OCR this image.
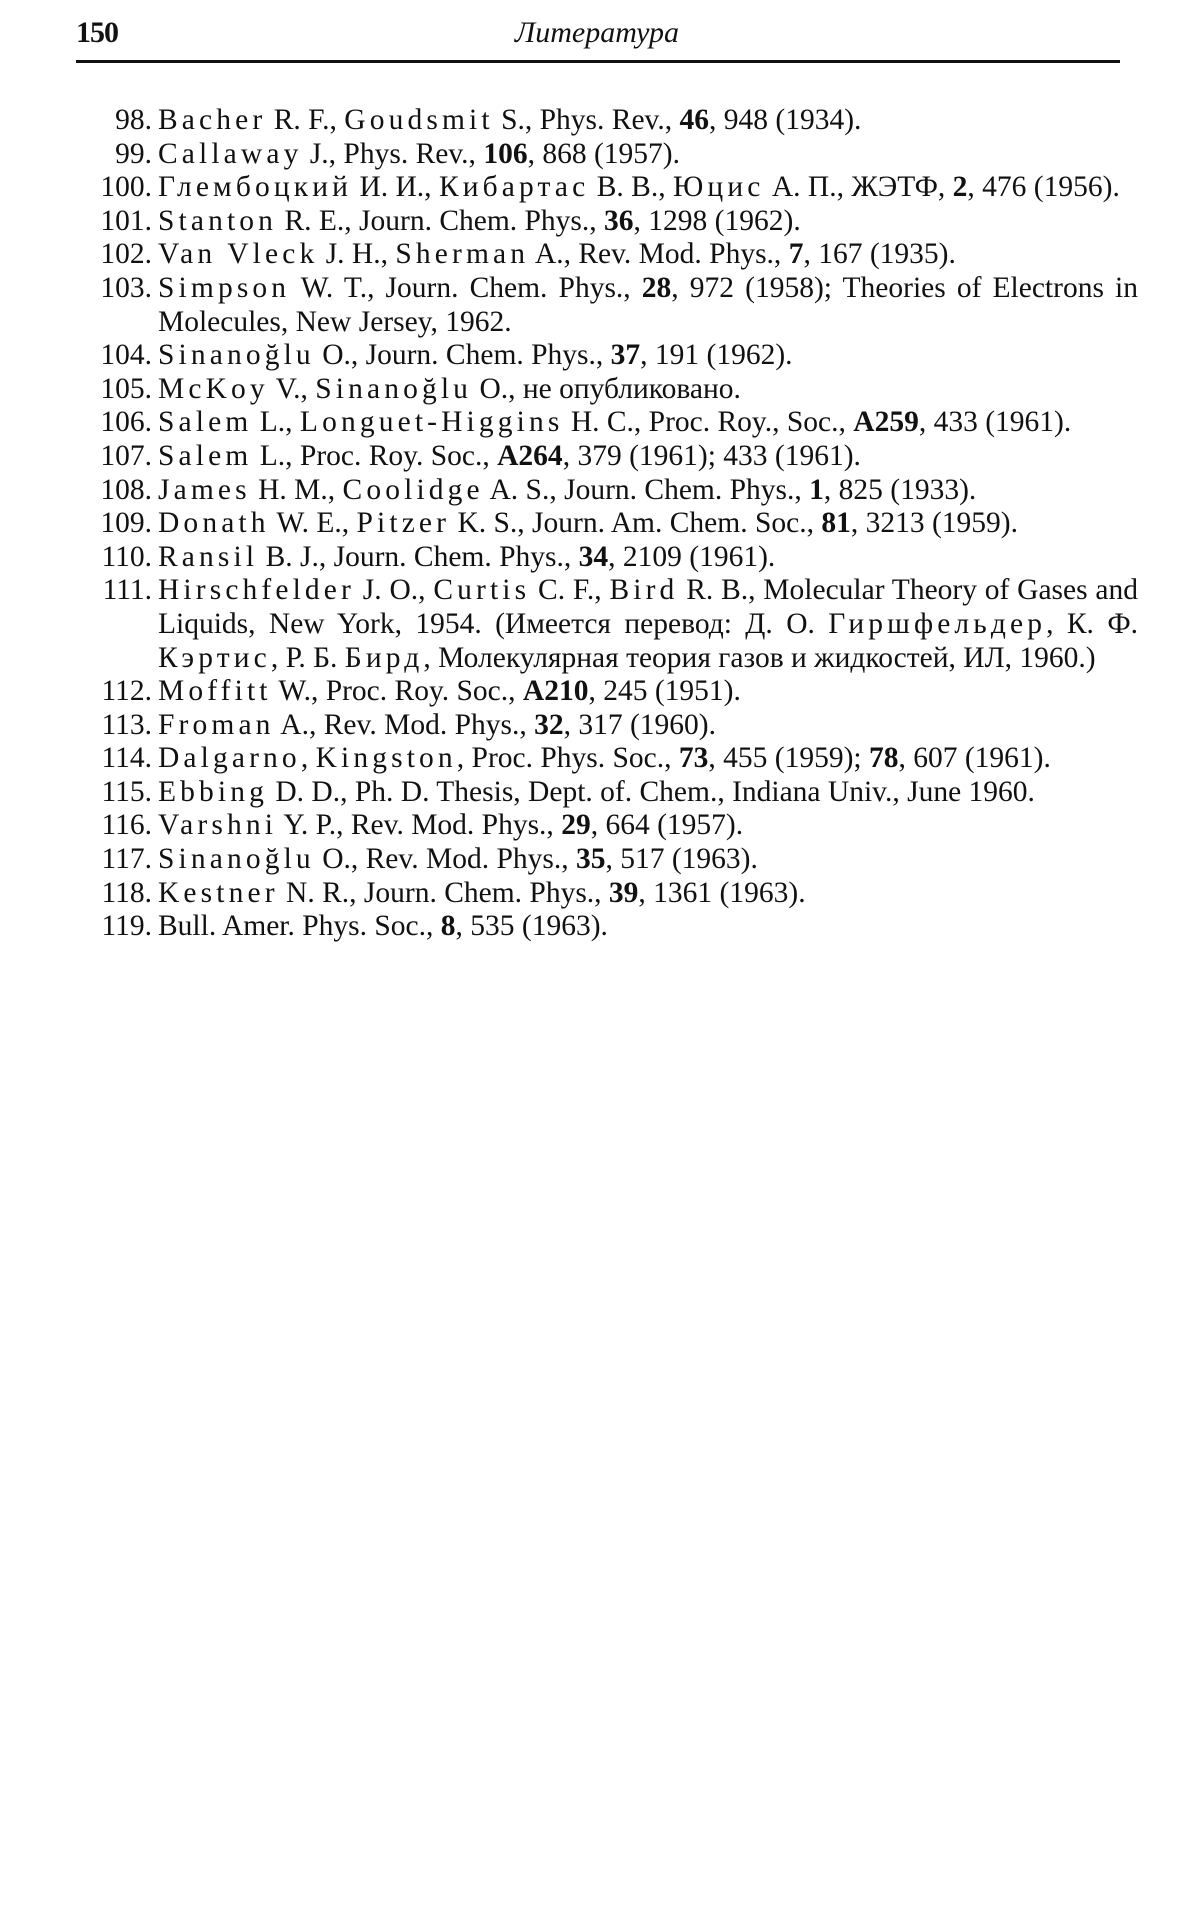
150	Литература
98. Bacher R. F., Goudsmit S., Phys. Rev., 46, 948 (1934).
99. Callaway J., Phys. Rev., 106, 868 (1957).
100. Глембоцкий И. И., Кибартас В. В., Юцис А. П., ЖЭТФ, 2, 476 (1956).
101. Stanton R. E., Journ. Chem. Phys., 36, 1298 (1962).
102. Van Vleck J. H., Sherman A., Rev. Mod. Phys., 7, 167 (1935).
103. Simpson W. T., Journ. Chem. Phys., 28, 972 (1958); Theories of Electrons in Molecules, New Jersey, 1962.
104. Sinanoğlu O., Journ. Chem. Phys., 37, 191 (1962).
105. McKoy V., Sinanoğlu O., не опубликовано.
106. Salem L., Longuet-Higgins H. C., Proc. Roy., Soc., A259, 433 (1961).
107. Salem L., Proc. Roy. Soc., A264, 379 (1961); 433 (1961).
108. James H. M., Coolidge A. S., Journ. Chem. Phys., 1, 825 (1933).
109. Donath W. E., Pitzer K. S., Journ. Am. Chem. Soc., 81, 3213 (1959).
110. Ransil B. J., Journ. Chem. Phys., 34, 2109 (1961).
111. Hirschfelder J. O., Curtis C. F., Bird R. B., Molecular Theory of Gases and Liquids, New York, 1954. (Имеется перевод: Д. О. Гиршфельдер, К. Ф. Кэртис, Р. Б. Бирд, Молекулярная теория газов и жидкостей, ИЛ, 1960.)
112. Moffitt W., Proc. Roy. Soc., A210, 245 (1951).
113. Froman A., Rev. Mod. Phys., 32, 317 (1960).
114. Dalgarno, Kingston, Proc. Phys. Soc., 73, 455 (1959); 78, 607 (1961).
115. Ebbing D. D., Ph. D. Thesis, Dept. of. Chem., Indiana Univ., June 1960.
116. Varshni Y. P., Rev. Mod. Phys., 29, 664 (1957).
117. Sinanoğlu O., Rev. Mod. Phys., 35, 517 (1963).
118. Kestner N. R., Journ. Chem. Phys., 39, 1361 (1963).
119. Bull. Amer. Phys. Soc., 8, 535 (1963).
